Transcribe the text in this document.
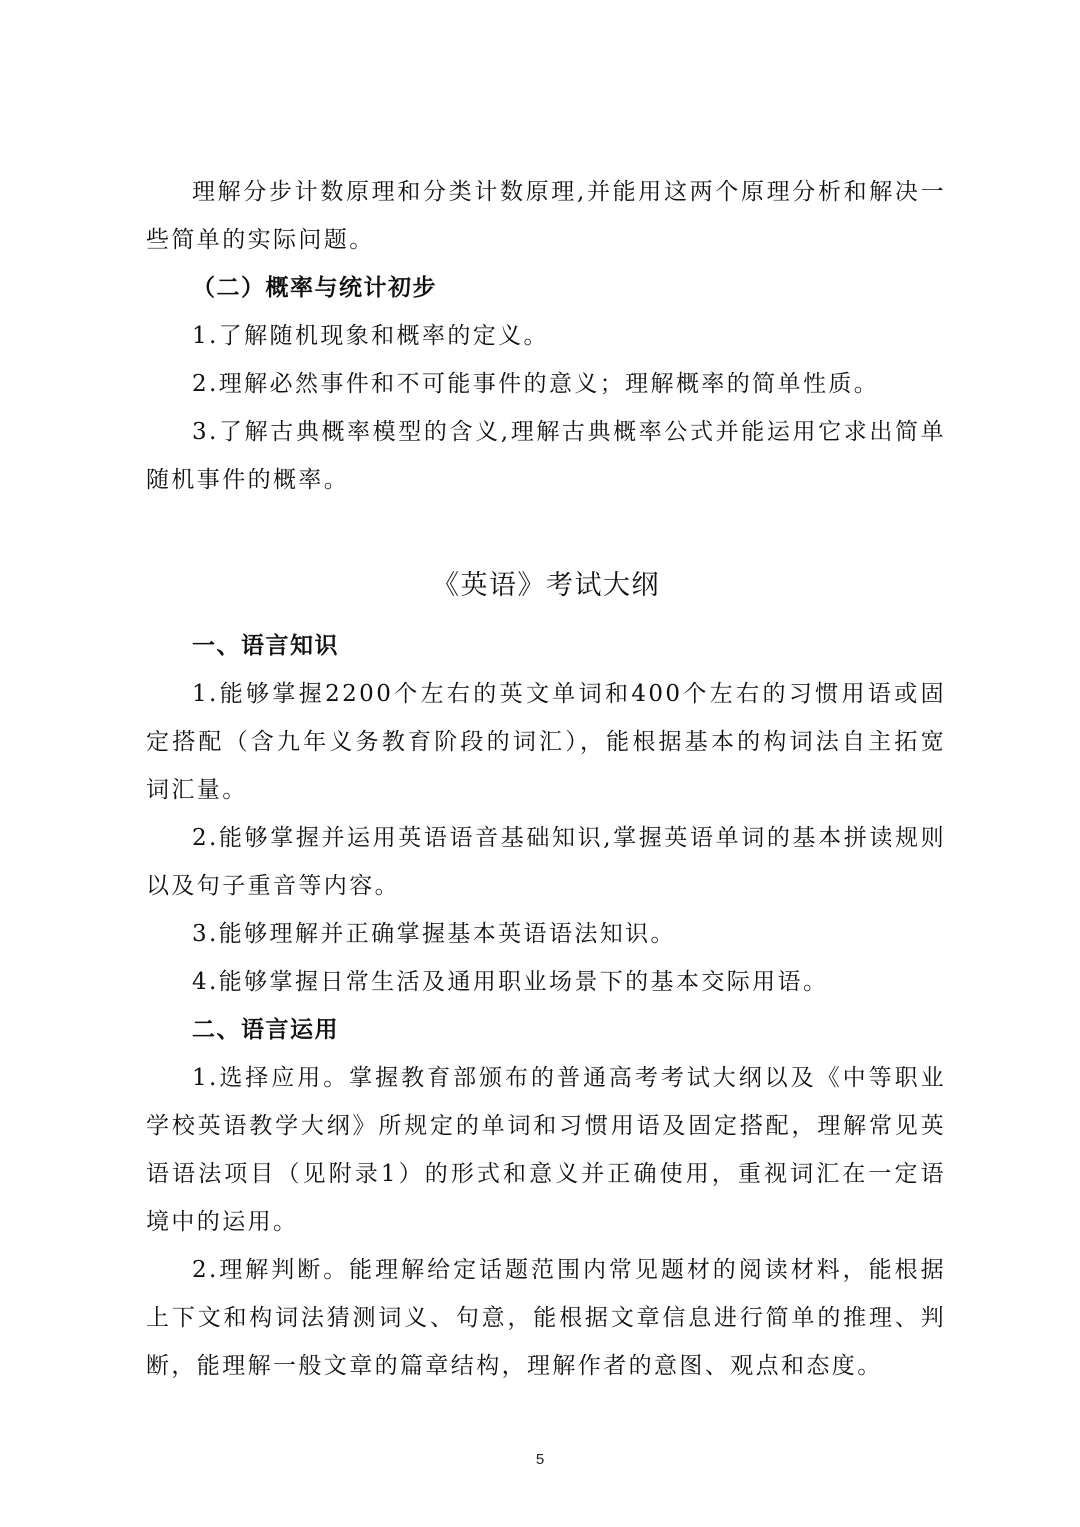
理解分步计数原理和分类计数原理,并能用这两个原理分析和解决一些简单的实际问题。

（二）概率与统计初步

1.了解随机现象和概率的定义。

2.理解必然事件和不可能事件的意义；理解概率的简单性质。

3.了解古典概率模型的含义,理解古典概率公式并能运用它求出简单随机事件的概率。

《英语》考试大纲

一、语言知识

1.能够掌握2200个左右的英文单词和400个左右的习惯用语或固定搭配（含九年义务教育阶段的词汇），能根据基本的构词法自主拓宽词汇量。

2.能够掌握并运用英语语音基础知识,掌握英语单词的基本拼读规则以及句子重音等内容。

3.能够理解并正确掌握基本英语语法知识。

4.能够掌握日常生活及通用职业场景下的基本交际用语。

二、语言运用

1.选择应用。掌握教育部颁布的普通高考考试大纲以及《中等职业学校英语教学大纲》所规定的单词和习惯用语及固定搭配，理解常见英语语法项目（见附录1）的形式和意义并正确使用，重视词汇在一定语境中的运用。

2.理解判断。能理解给定话题范围内常见题材的阅读材料，能根据上下文和构词法猜测词义、句意，能根据文章信息进行简单的推理、判断，能理解一般文章的篇章结构，理解作者的意图、观点和态度。

5
